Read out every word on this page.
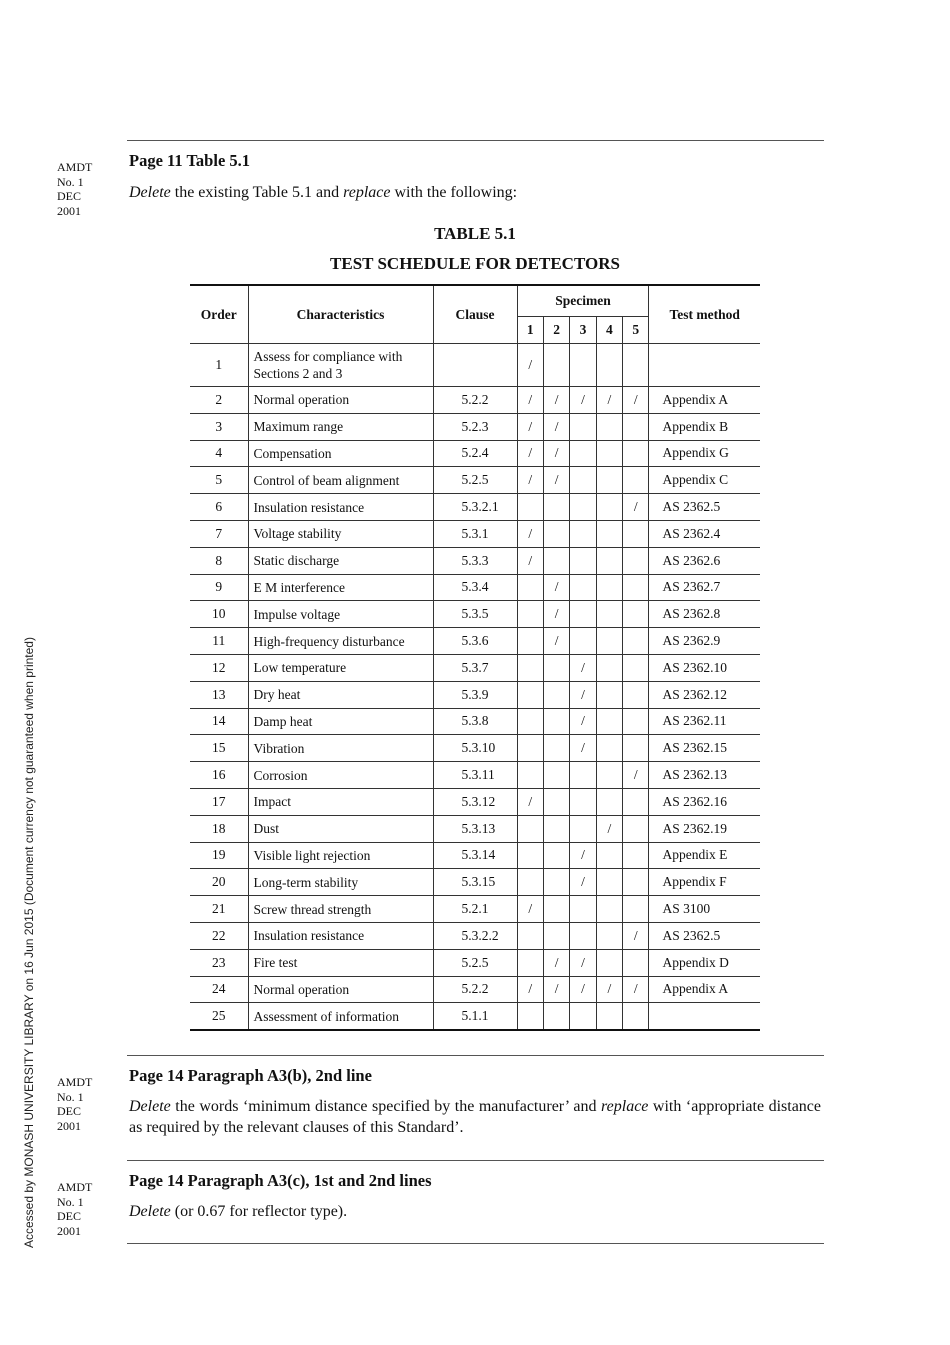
Accessed by MONASH UNIVERSITY LIBRARY on 16 Jun 2015 (Document currency not guaranteed when printed)
AMDT
No. 1
DEC
2001
Page 11 Table 5.1
Delete the existing Table 5.1 and replace with the following:
TABLE 5.1
TEST SCHEDULE FOR DETECTORS
Order	Characteristics	Clause	Specimen					Test method
			1	2	3	4	5	
1	Assess for compliance with Sections 2 and 3		/					
2	Normal operation	5.2.2	/	/	/	/	/	Appendix A
3	Maximum range	5.2.3	/	/				Appendix B
4	Compensation	5.2.4	/	/				Appendix G
5	Control of beam alignment	5.2.5	/	/				Appendix C
6	Insulation resistance	5.3.2.1					/	AS 2362.5
7	Voltage stability	5.3.1	/					AS 2362.4
8	Static discharge	5.3.3	/					AS 2362.6
9	E M interference	5.3.4		/				AS 2362.7
10	Impulse voltage	5.3.5		/				AS 2362.8
11	High-frequency disturbance	5.3.6		/				AS 2362.9
12	Low temperature	5.3.7			/			AS 2362.10
13	Dry heat	5.3.9			/			AS 2362.12
14	Damp heat	5.3.8			/			AS 2362.11
15	Vibration	5.3.10			/			AS 2362.15
16	Corrosion	5.3.11					/	AS 2362.13
17	Impact	5.3.12	/					AS 2362.16
18	Dust	5.3.13				/		AS 2362.19
19	Visible light rejection	5.3.14			/			Appendix E
20	Long-term stability	5.3.15			/			Appendix F
21	Screw thread strength	5.2.1	/					AS 3100
22	Insulation resistance	5.3.2.2					/	AS 2362.5
23	Fire test	5.2.5		/	/			Appendix D
24	Normal operation	5.2.2	/	/	/	/	/	Appendix A
25	Assessment of information	5.1.1						
AMDT
No. 1
DEC
2001
Page 14 Paragraph A3(b), 2nd line
Delete the words ‘minimum distance specified by the manufacturer’ and replace with ‘appropriate distance as required by the relevant clauses of this Standard’.
AMDT
No. 1
DEC
2001
Page 14 Paragraph A3(c), 1st and 2nd lines
Delete (or 0.67 for reflector type).
